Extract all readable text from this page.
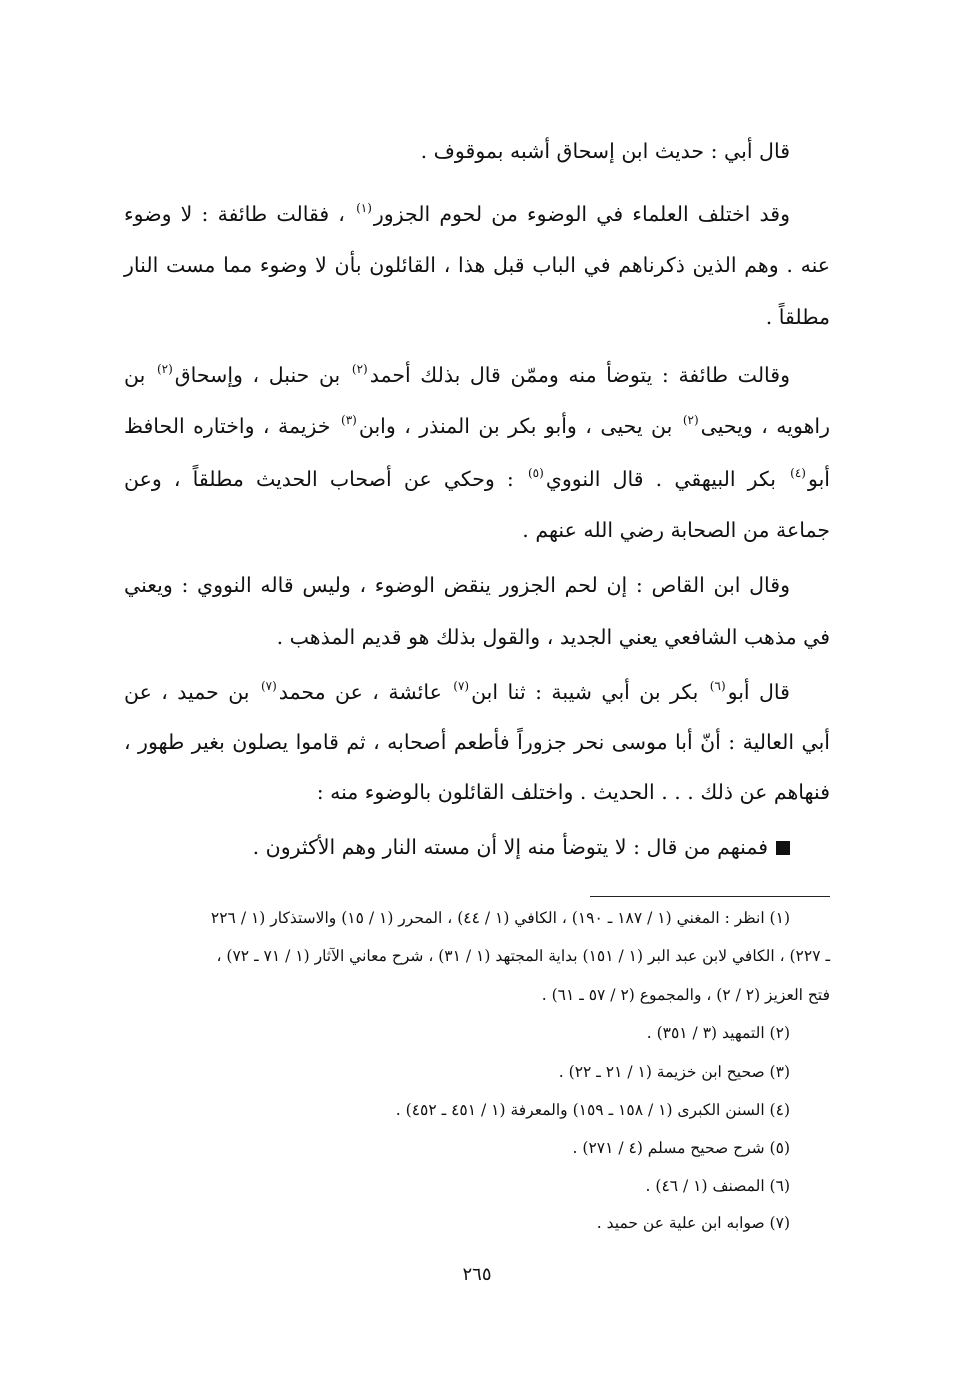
قال أبي : حديث ابن إسحاق أشبه بموقوف .
وقد اختلف العلماء في الوضوء من لحوم الجزور$^{(١)}$ ، فقالت طائفة : لا وضوء
عنه . وهم الذين ذكرناهم في الباب قبل هذا ، القائلون بأن لا وضوء مما مست النار
مطلقاً .
وقالت طائفة : يتوضأ منه وممّن قال بذلك أحمد$^{(٢)}$ بن حنبل ، وإسحاق$^{(٢)}$ بن
راهويه ، ويحيى$^{(٢)}$ بن يحيى ، وأبو بكر بن المنذر ، وابن$^{(٣)}$ خزيمة ، واختاره الحافظ
أبو$^{(٤)}$ بكر البيهقي . قال النووي$^{(٥)}$ : وحكي عن أصحاب الحديث مطلقاً ، وعن
جماعة من الصحابة رضي الله عنهم .
وقال ابن القاص : إن لحم الجزور ينقض الوضوء ، وليس قاله النووي : ويعني
في مذهب الشافعي يعني الجديد ، والقول بذلك هو قديم المذهب .
قال أبو$^{(٦)}$ بكر بن أبي شيبة : ثنا ابن$^{(٧)}$ عائشة ، عن محمد$^{(٧)}$ بن حميد ، عن
أبي العالية : أنّ أبا موسى نحر جزوراً فأطعم أصحابه ، ثم قاموا يصلون بغير طهور ،
فنهاهم عن ذلك . . . الحديث . واختلف القائلون بالوضوء منه :
فمنهم من قال : لا يتوضأ منه إلا أن مسته النار وهم الأكثرون .
(١) انظر : المغني (١ / ١٨٧ ـ ١٩٠) ، الكافي (١ / ٤٤) ، المحرر (١ / ١٥) والاستذكار (١ / ٢٢٦
ـ ٢٢٧) ، الكافي لابن عبد البر (١ / ١٥١) بداية المجتهد (١ / ٣١) ، شرح معاني الآثار (١ / ٧١ ـ ٧٢) ،
فتح العزيز (٢ / ٢) ، والمجموع (٢ / ٥٧ ـ ٦١) .
(٢) التمهيد (٣ / ٣٥١) .
(٣) صحيح ابن خزيمة (١ / ٢١ ـ ٢٢) .
(٤) السنن الكبرى (١ / ١٥٨ ـ ١٥٩) والمعرفة (١ / ٤٥١ ـ ٤٥٢) .
(٥) شرح صحيح مسلم (٤ / ٢٧١) .
(٦) المصنف (١ / ٤٦) .
(٧) صوابه ابن علية عن حميد .
٢٦٥
